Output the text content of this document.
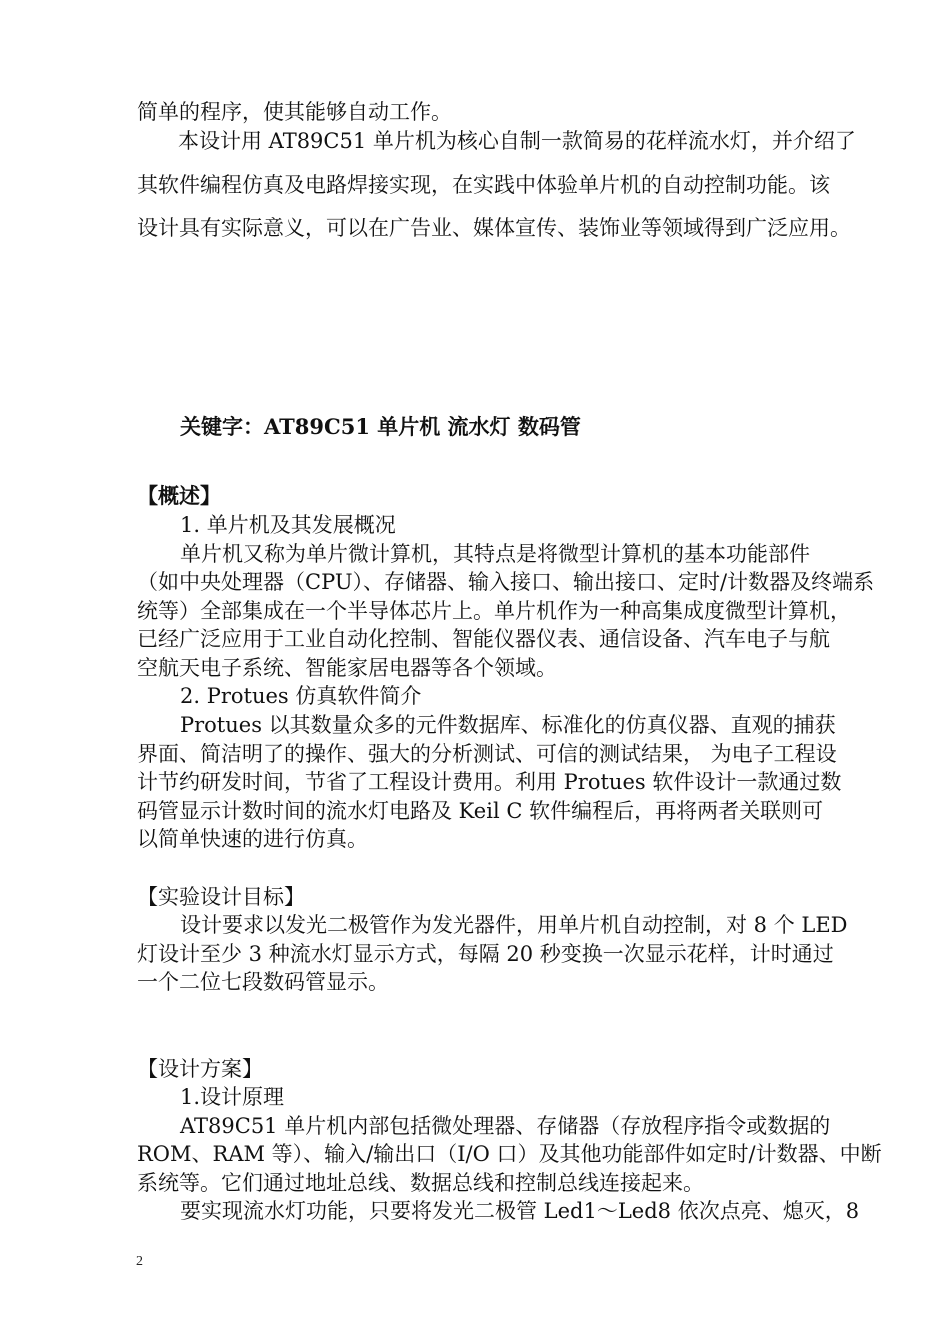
简单的程序，使其能够自动工作。
本设计用 AT89C51 单片机为核心自制一款简易的花样流水灯，并介绍了
其软件编程仿真及电路焊接实现，在实践中体验单片机的自动控制功能。该
设计具有实际意义，可以在广告业、媒体宣传、装饰业等领域得到广泛应用。
关键字：AT89C51 单片机 流水灯 数码管
【概述】
1. 单片机及其发展概况
单片机又称为单片微计算机，其特点是将微型计算机的基本功能部件
（如中央处理器（CPU）、存储器、输入接口、输出接口、定时/计数器及终端系
统等）全部集成在一个半导体芯片上。单片机作为一种高集成度微型计算机，
已经广泛应用于工业自动化控制、智能仪器仪表、通信设备、汽车电子与航
空航天电子系统、智能家居电器等各个领域。
2. Protues 仿真软件简介
Protues 以其数量众多的元件数据库、标准化的仿真仪器、直观的捕获
界面、简洁明了的操作、强大的分析测试、可信的测试结果， 为电子工程设
计节约研发时间，节省了工程设计费用。利用 Protues 软件设计一款通过数
码管显示计数时间的流水灯电路及 Keil C 软件编程后，再将两者关联则可
以简单快速的进行仿真。
【实验设计目标】
设计要求以发光二极管作为发光器件，用单片机自动控制，对 8 个 LED
灯设计至少 3 种流水灯显示方式，每隔 20 秒变换一次显示花样，计时通过
一个二位七段数码管显示。
【设计方案】
1.设计原理
AT89C51 单片机内部包括微处理器、存储器（存放程序指令或数据的
ROM、RAM 等）、输入/输出口（I/O 口）及其他功能部件如定时/计数器、中断
系统等。它们通过地址总线、数据总线和控制总线连接起来。
要实现流水灯功能，只要将发光二极管 Led1～Led8 依次点亮、熄灭，8
2
